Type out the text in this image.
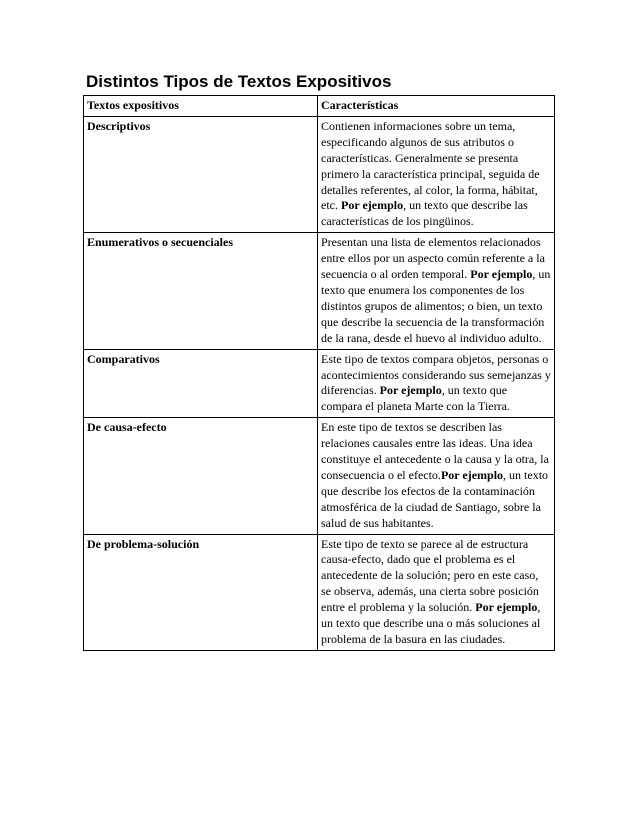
Distintos Tipos de Textos Expositivos
Textos expositivos	Características
Descriptivos	Contienen informaciones sobre un tema, especificando algunos de sus atributos o características. Generalmente se presenta primero la característica principal, seguida de detalles referentes, al color, la forma, hábitat, etc. Por ejemplo, un texto que describe las características de los pingüinos.
Enumerativos o secuenciales	Presentan una lista de elementos relacionados entre ellos por un aspecto común referente a la secuencia o al orden temporal. Por ejemplo, un texto que enumera los componentes de los distintos grupos de alimentos; o bien, un texto que describe la secuencia de la transformación de la rana, desde el huevo al individuo adulto.
Comparativos	Este tipo de textos compara objetos, personas o acontecimientos considerando sus semejanzas y diferencias. Por ejemplo, un texto que compara el planeta Marte con la Tierra.
De causa-efecto	En este tipo de textos se describen las relaciones causales entre las ideas. Una idea constituye el antecedente o la causa y la otra, la consecuencia o el efecto.Por ejemplo, un texto que describe los efectos de la contaminación atmosférica de la ciudad de Santiago, sobre la salud de sus habitantes.
De problema-solución	Este tipo de texto se parece al de estructura causa-efecto, dado que el problema es el antecedente de la solución; pero en este caso, se observa, además, una cierta sobre posición entre el problema y la solución. Por ejemplo, un texto que describe una o más soluciones al problema de la basura en las ciudades.
